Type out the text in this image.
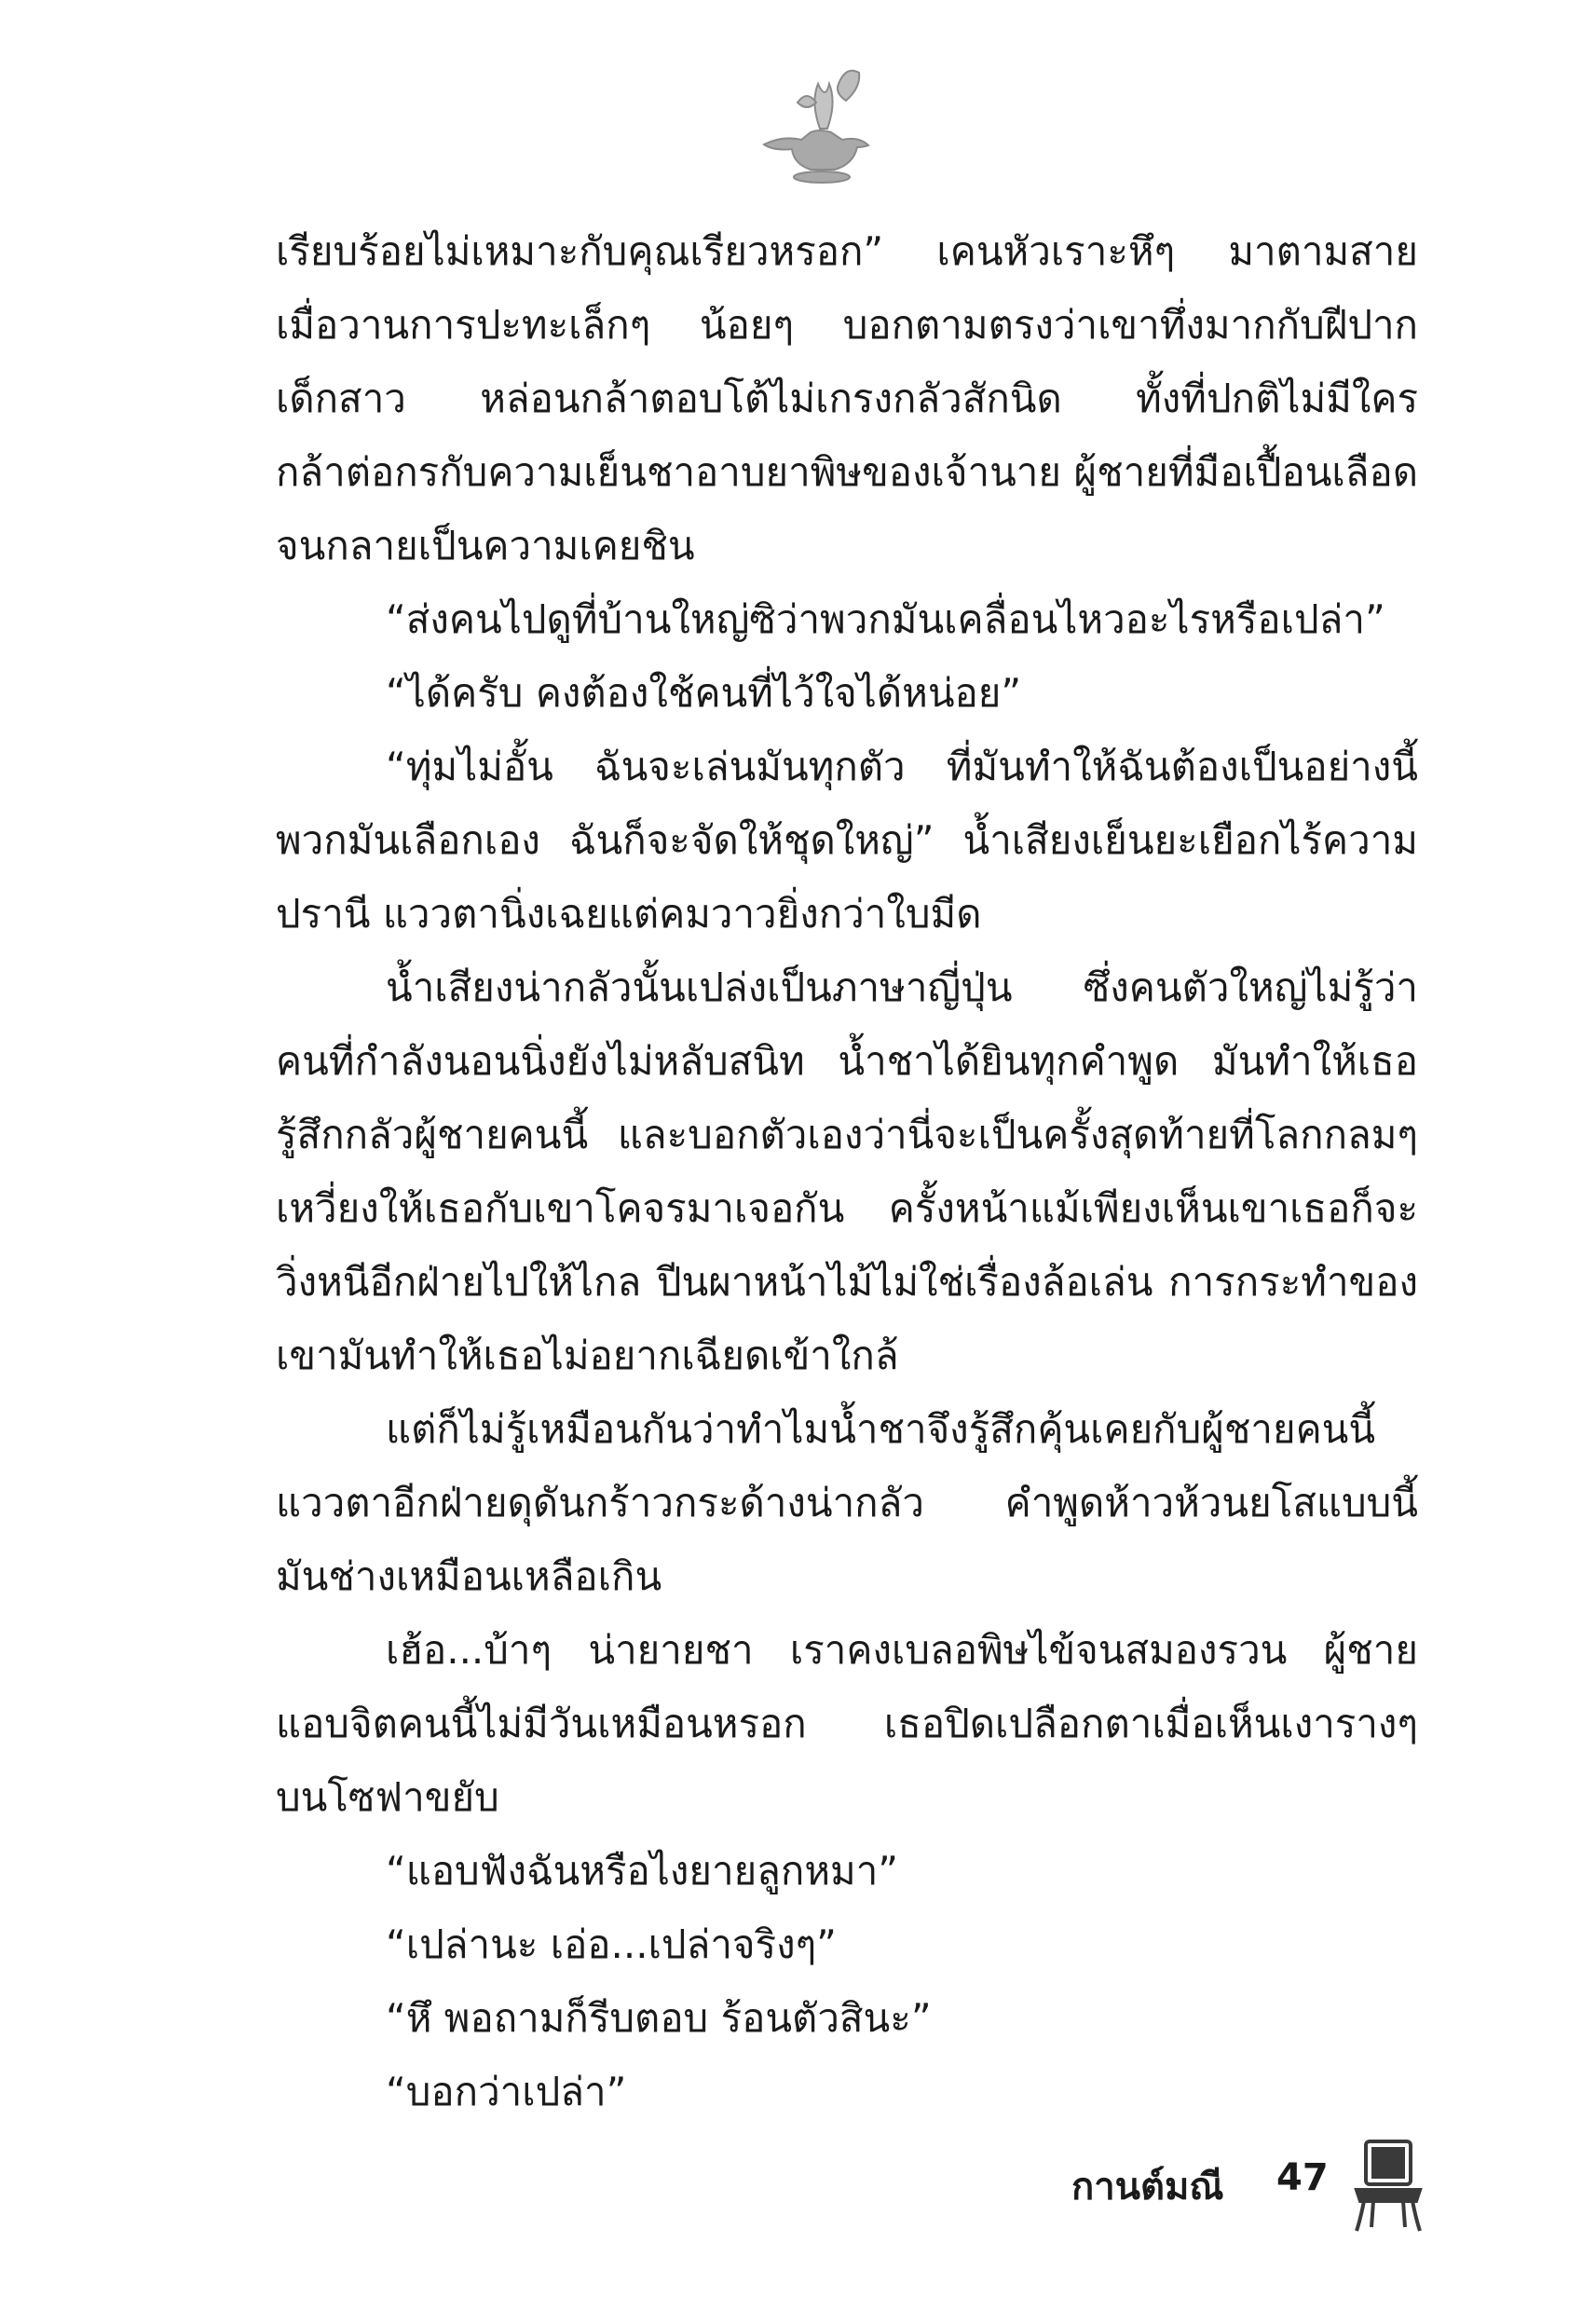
เรียบร้อยไม่เหมาะกับคุณเรียวหรอก” เคนหัวเราะหึๆ มาตามสาย
เมื่อวานการปะทะเล็กๆ น้อยๆ บอกตามตรงว่าเขาทึ่งมากกับฝีปาก
เด็กสาว หล่อนกล้าตอบโต้ไม่เกรงกลัวสักนิด ทั้งที่ปกติไม่มีใคร
กล้าต่อกรกับความเย็นชาอาบยาพิษของเจ้านาย ผู้ชายที่มือเปื้อนเลือด
จนกลายเป็นความเคยชิน
“ส่งคนไปดูที่บ้านใหญ่ซิว่าพวกมันเคลื่อนไหวอะไรหรือเปล่า”
“ได้ครับ คงต้องใช้คนที่ไว้ใจได้หน่อย”
“ทุ่มไม่อั้น ฉันจะเล่นมันทุกตัว ที่มันทำให้ฉันต้องเป็นอย่างนี้
พวกมันเลือกเอง ฉันก็จะจัดให้ชุดใหญ่” น้ำเสียงเย็นยะเยือกไร้ความ
ปรานี แววตานิ่งเฉยแต่คมวาวยิ่งกว่าใบมีด
น้ำเสียงน่ากลัวนั้นเปล่งเป็นภาษาญี่ปุ่น ซึ่งคนตัวใหญ่ไม่รู้ว่า
คนที่กำลังนอนนิ่งยังไม่หลับสนิท น้ำชาได้ยินทุกคำพูด มันทำให้เธอ
รู้สึกกลัวผู้ชายคนนี้ และบอกตัวเองว่านี่จะเป็นครั้งสุดท้ายที่โลกกลมๆ
เหวี่ยงให้เธอกับเขาโคจรมาเจอกัน ครั้งหน้าแม้เพียงเห็นเขาเธอก็จะ
วิ่งหนีอีกฝ่ายไปให้ไกล ปีนผาหน้าไม้ไม่ใช่เรื่องล้อเล่น การกระทำของ
เขามันทำให้เธอไม่อยากเฉียดเข้าใกล้
แต่ก็ไม่รู้เหมือนกันว่าทำไมน้ำชาจึงรู้สึกคุ้นเคยกับผู้ชายคนนี้
แววตาอีกฝ่ายดุดันกร้าวกระด้างน่ากลัว คำพูดห้าวห้วนยโสแบบนี้
มันช่างเหมือนเหลือเกิน
เฮ้อ...บ้าๆ น่ายายชา เราคงเบลอพิษไข้จนสมองรวน ผู้ชาย
แอบจิตคนนี้ไม่มีวันเหมือนหรอก เธอปิดเปลือกตาเมื่อเห็นเงารางๆ
บนโซฟาขยับ
“แอบฟังฉันหรือไงยายลูกหมา”
“เปล่านะ เอ่อ...เปล่าจริงๆ”
“หึ พอถามก็รีบตอบ ร้อนตัวสินะ”
“บอกว่าเปล่า”
กานต์มณี 47
